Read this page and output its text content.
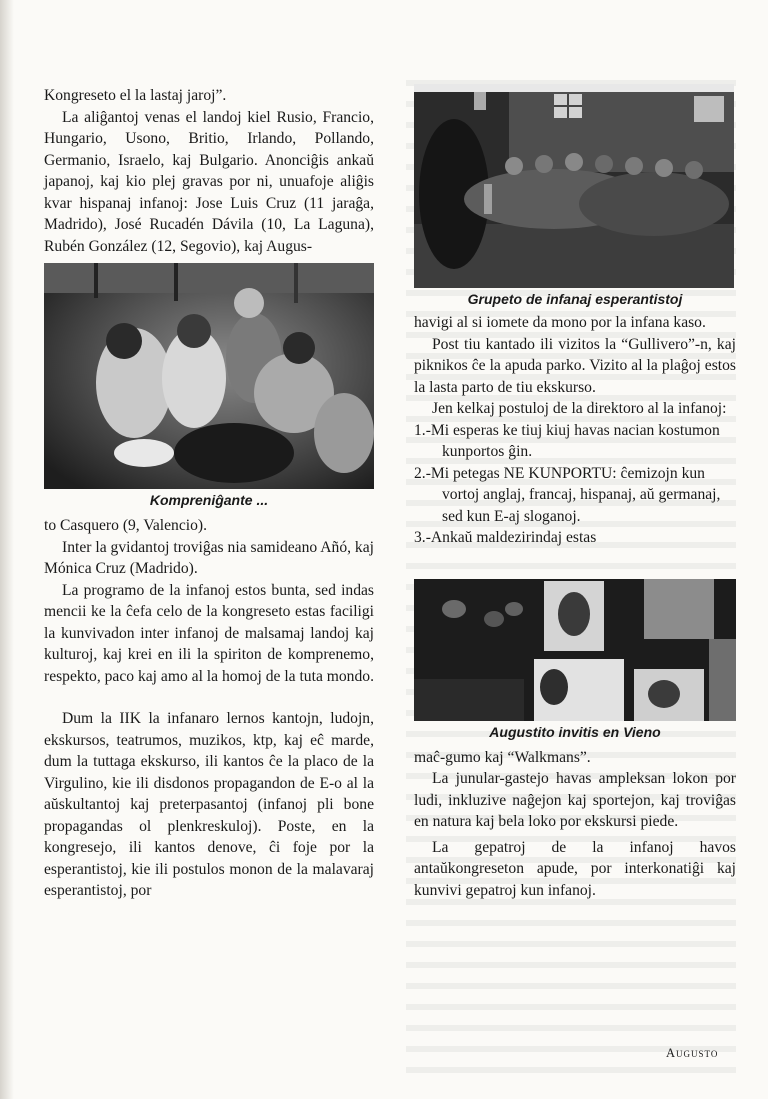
Kongreseto el la lastaj jaroj”.

La aliĝantoj venas el landoj kiel Rusio, Francio, Hungario, Usono, Britio, Irlando, Pollando, Germanio, Israelo, kaj Bulgario. Anonciĝis ankaŭ japanoj, kaj kio plej gravas por ni, unuafoje aliĝis kvar hispanaj infanoj: Jose Luis Cruz (11 jaraĝa, Madrido), José Rucadén Dávila (10, La Laguna), Rubén González (12, Segovio), kaj Augus-

Kompreniĝante ...

to Casquero (9, Valencio).

Inter la gvidantoj troviĝas nia samideano Añó, kaj Mónica Cruz (Madrido).

La programo de la infanoj estos bunta, sed indas mencii ke la ĉefa celo de la kongreseto estas faciligi la kunvivadon inter infanoj de malsamaj landoj kaj kulturoj, kaj krei en ili la spiriton de komprenemo, respekto, paco kaj amo al la homoj de la tuta mondo.

Dum la IIK la infanaro lernos kantojn, ludojn, ekskursos, teatrumos, muzikos, ktp, kaj eĉ marde, dum la tuttaga ekskurso, ili kantos ĉe la placo de la Virgulino, kie ili disdonos propagandon de E-o al la aŭskultantoj kaj preterpasantoj (infanoj pli bone propagandas ol plenkreskuloj). Poste, en la kongresejo, ili kantos denove, ĉi foje por la esperantistoj, kie ili postulos monon de la malavaraj esperantistoj, por

Grupeto de infanaj esperantistoj

havigi al si iomete da mono por la infana kaso.

Post tiu kantado ili vizitos la “Gullivero”-n, kaj piknikos ĉe la apuda parko. Vizito al la plaĝoj estos la lasta parto de tiu ekskurso.

Jen kelkaj postuloj de la direktoro al la infanoj:

1.-Mi esperas ke tiuj kiuj havas nacian kostumon kunportos ĝin.
2.-Mi petegas NE KUNPORTU: ĉemizojn kun vortoj anglaj, francaj, hispanaj, aŭ germanaj, sed kun E-aj sloganoj.
3.-Ankaŭ maldezirindaj estas
Augustito invitis en Vieno

maĉ-gumo kaj “Walkmans”.

La junular-gastejo havas ampleksan lokon por ludi, inkluzive naĝejon kaj sportejon, kaj troviĝas en natura kaj bela loko por ekskursi piede.

La gepatroj de la infanoj havos antaŭkongreseton apude, por interkonatiĝi kaj kunvivi gepatroj kun infanoj.

Augusto
